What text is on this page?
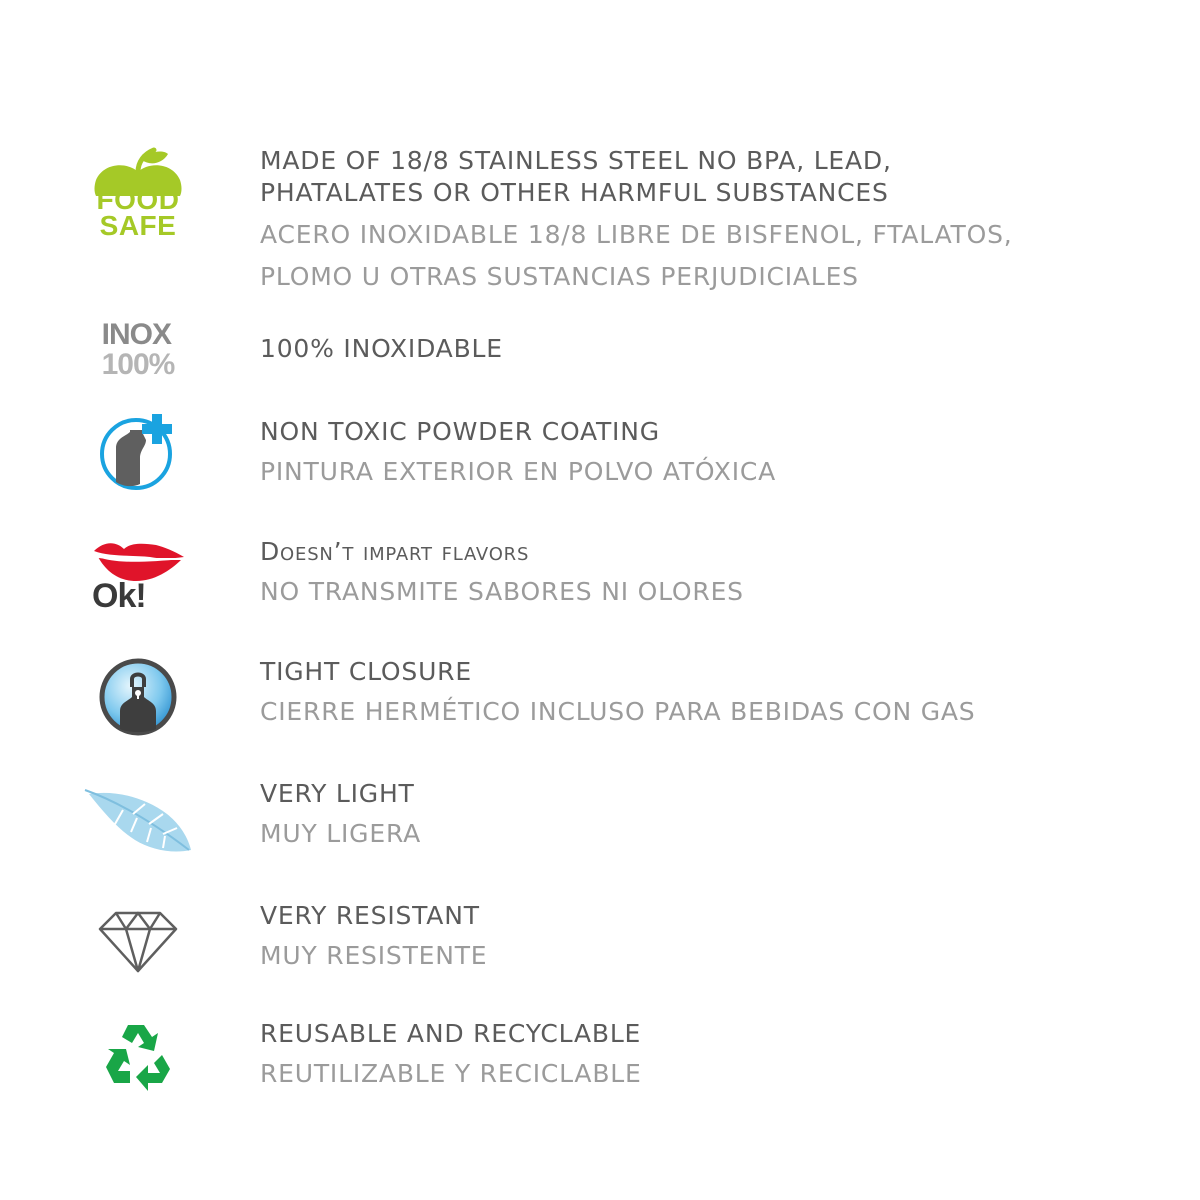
FOOD
SAFE
MADE OF 18/8 STAINLESS STEEL NO BPA, LEAD,
PHATALATES OR OTHER HARMFUL SUBSTANCES
ACERO INOXIDABLE 18/8 LIBRE DE BISFENOL, FTALATOS,
PLOMO U OTRAS SUSTANCIAS PERJUDICIALES
INOX
100%	100% INOXIDABLE
NON TOXIC POWDER COATING
PINTURA EXTERIOR EN POLVO ATÓXICA
Ok!
Doesn’t impart flavors
NO TRANSMITE SABORES NI OLORES
TIGHT CLOSURE
CIERRE HERMÉTICO INCLUSO PARA BEBIDAS CON GAS
VERY LIGHT
MUY LIGERA
VERY RESISTANT
MUY RESISTENTE
REUSABLE AND RECYCLABLE
REUTILIZABLE Y RECICLABLE
